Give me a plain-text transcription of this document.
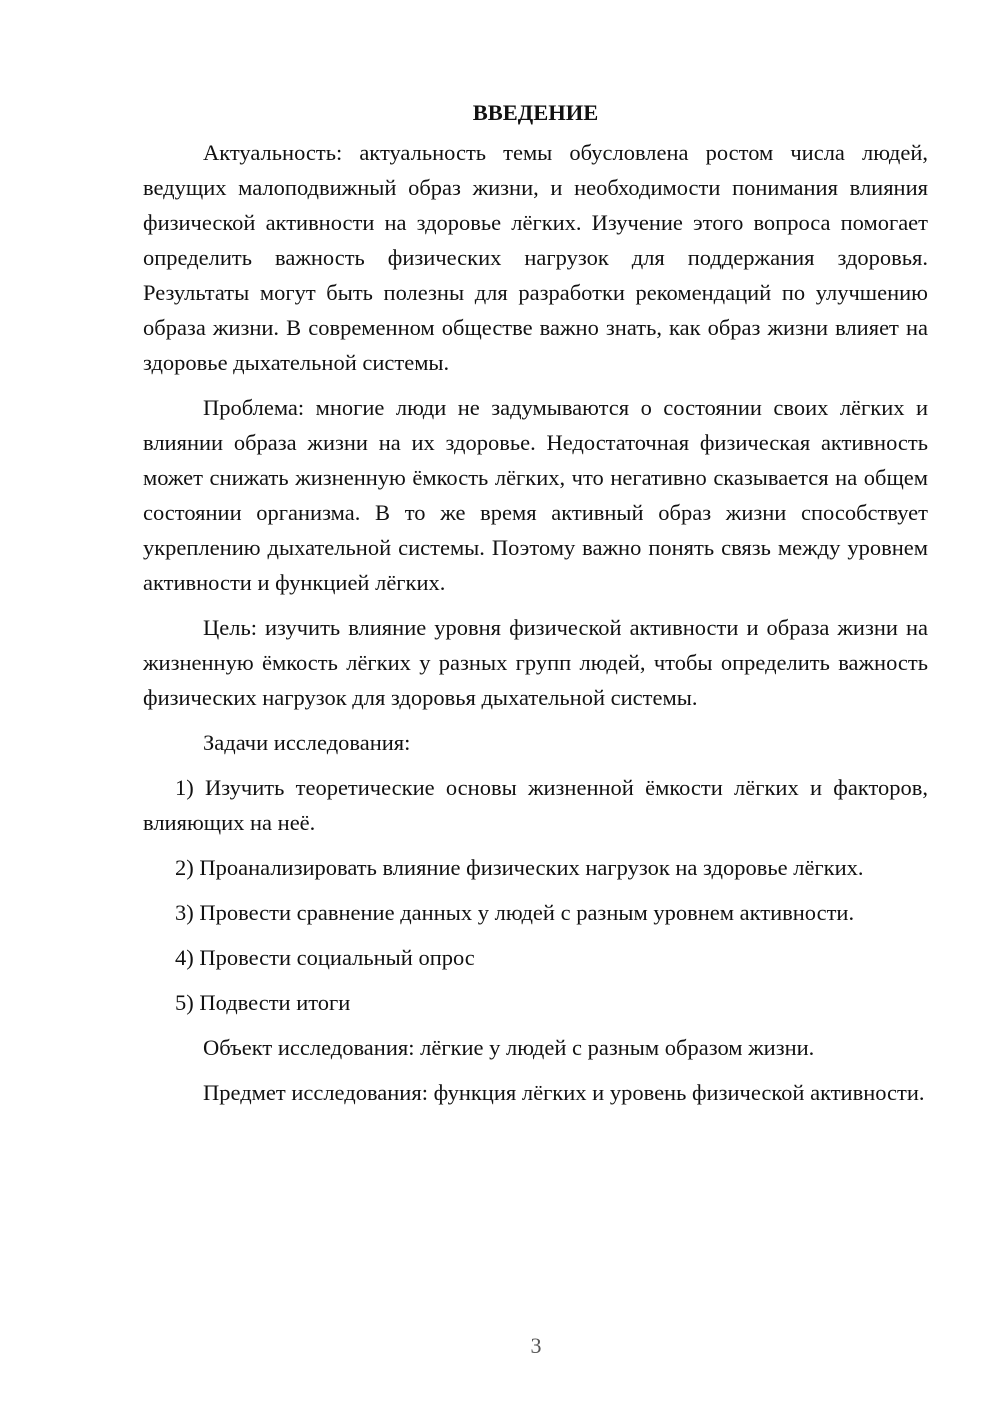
ВВЕДЕНИЕ

Актуальность: актуальность темы обусловлена ростом числа людей, ведущих малоподвижный образ жизни, и необходимости понимания влияния физической активности на здоровье лёгких. Изучение этого вопроса помогает определить важность физических нагрузок для поддержания здоровья. Результаты могут быть полезны для разработки рекомендаций по улучшению образа жизни. В современном обществе важно знать, как образ жизни влияет на здоровье дыхательной системы.

Проблема: многие люди не задумываются о состоянии своих лёгких и влиянии образа жизни на их здоровье. Недостаточная физическая активность может снижать жизненную ёмкость лёгких, что негативно сказывается на общем состоянии организма. В то же время активный образ жизни способствует укреплению дыхательной системы. Поэтому важно понять связь между уровнем активности и функцией лёгких.

Цель: изучить влияние уровня физической активности и образа жизни на жизненную ёмкость лёгких у разных групп людей, чтобы определить важность физических нагрузок для здоровья дыхательной системы.

Задачи исследования:

1) Изучить теоретические основы жизненной ёмкости лёгких и факторов, влияющих на неё.

2) Проанализировать влияние физических нагрузок на здоровье лёгких.

3) Провести сравнение данных у людей с разным уровнем активности.

4) Провести социальный опрос

5) Подвести итоги

Объект исследования: лёгкие у людей с разным образом жизни.

Предмет исследования: функция лёгких и уровень физической активности.

3
